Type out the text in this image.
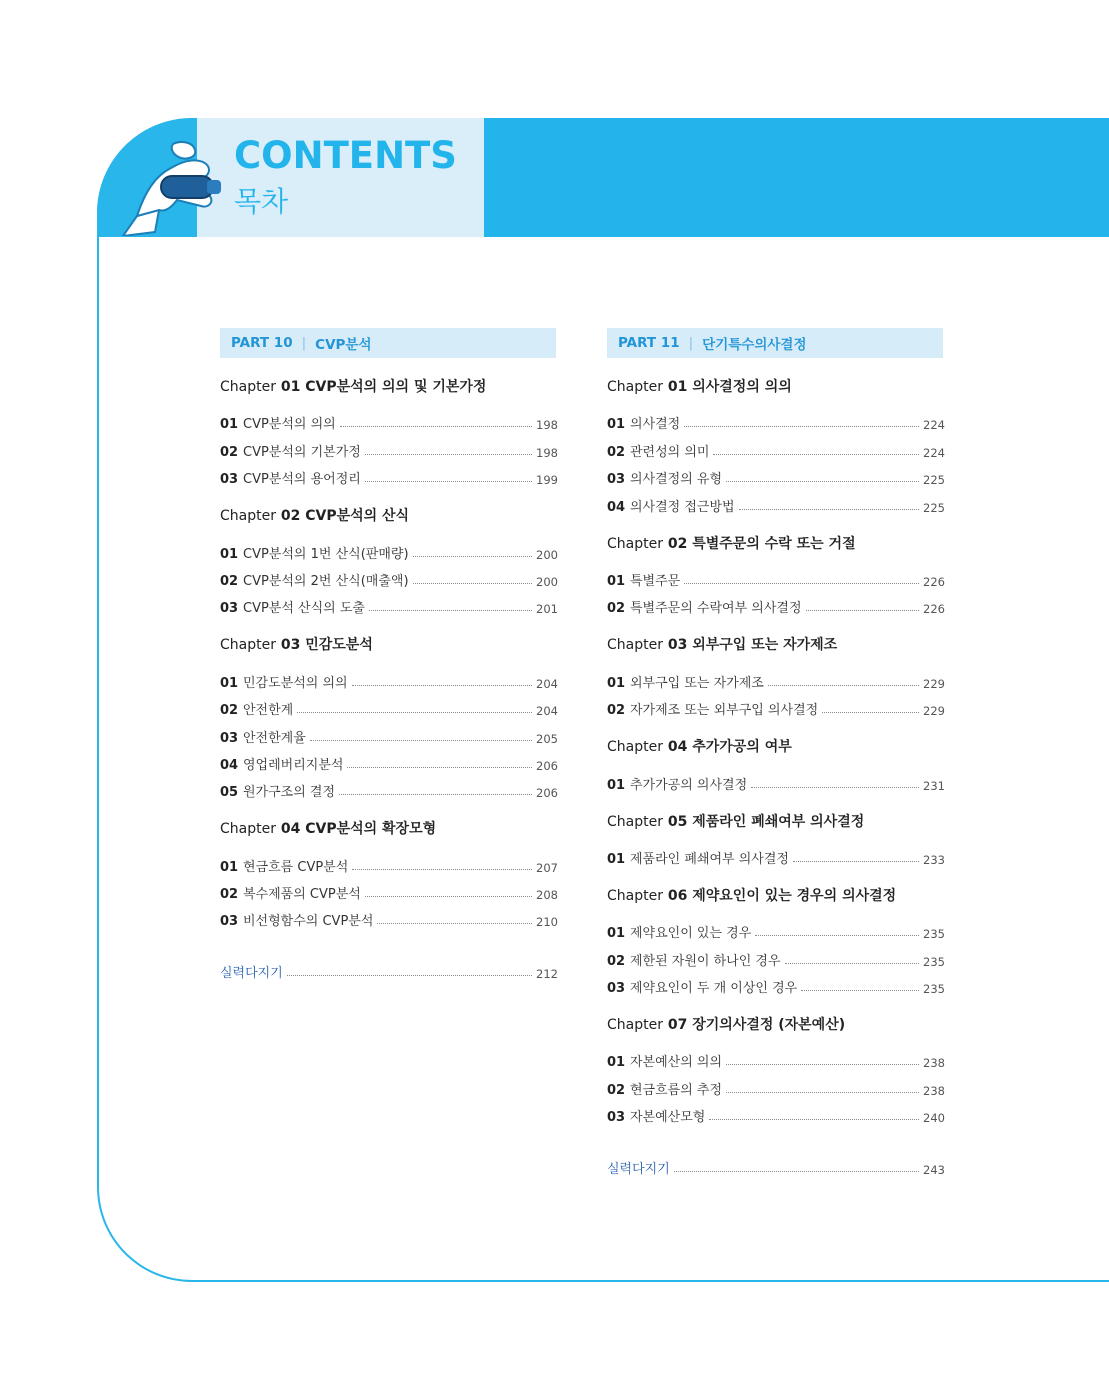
CONTENTS
목차
PART 10 | CVP분석
Chapter 01 CVP분석의 의의 및 기본가정
01 CVP분석의 의의	198
02 CVP분석의 기본가정	198
03 CVP분석의 용어정리	199
Chapter 02 CVP분석의 산식
01 CVP분석의 1번 산식(판매량)	200
02 CVP분석의 2번 산식(매출액)	200
03 CVP분석 산식의 도출	201
Chapter 03 민감도분석
01 민감도분석의 의의	204
02 안전한계	204
03 안전한계율	205
04 영업레버리지분석	206
05 원가구조의 결정	206
Chapter 04 CVP분석의 확장모형
01 현금흐름 CVP분석	207
02 복수제품의 CVP분석	208
03 비선형함수의 CVP분석	210
실력다지기	212
PART 11 | 단기특수의사결정
Chapter 01 의사결정의 의의
01 의사결정	224
02 관련성의 의미	224
03 의사결정의 유형	225
04 의사결정 접근방법	225
Chapter 02 특별주문의 수락 또는 거절
01 특별주문	226
02 특별주문의 수락여부 의사결정	226
Chapter 03 외부구입 또는 자가제조
01 외부구입 또는 자가제조	229
02 자가제조 또는 외부구입 의사결정	229
Chapter 04 추가가공의 여부
01 추가가공의 의사결정	231
Chapter 05 제품라인 폐쇄여부 의사결정
01 제품라인 폐쇄여부 의사결정	233
Chapter 06 제약요인이 있는 경우의 의사결정
01 제약요인이 있는 경우	235
02 제한된 자원이 하나인 경우	235
03 제약요인이 두 개 이상인 경우	235
Chapter 07 장기의사결정 (자본예산)
01 자본예산의 의의	238
02 현금흐름의 추정	238
03 자본예산모형	240
실력다지기	243
